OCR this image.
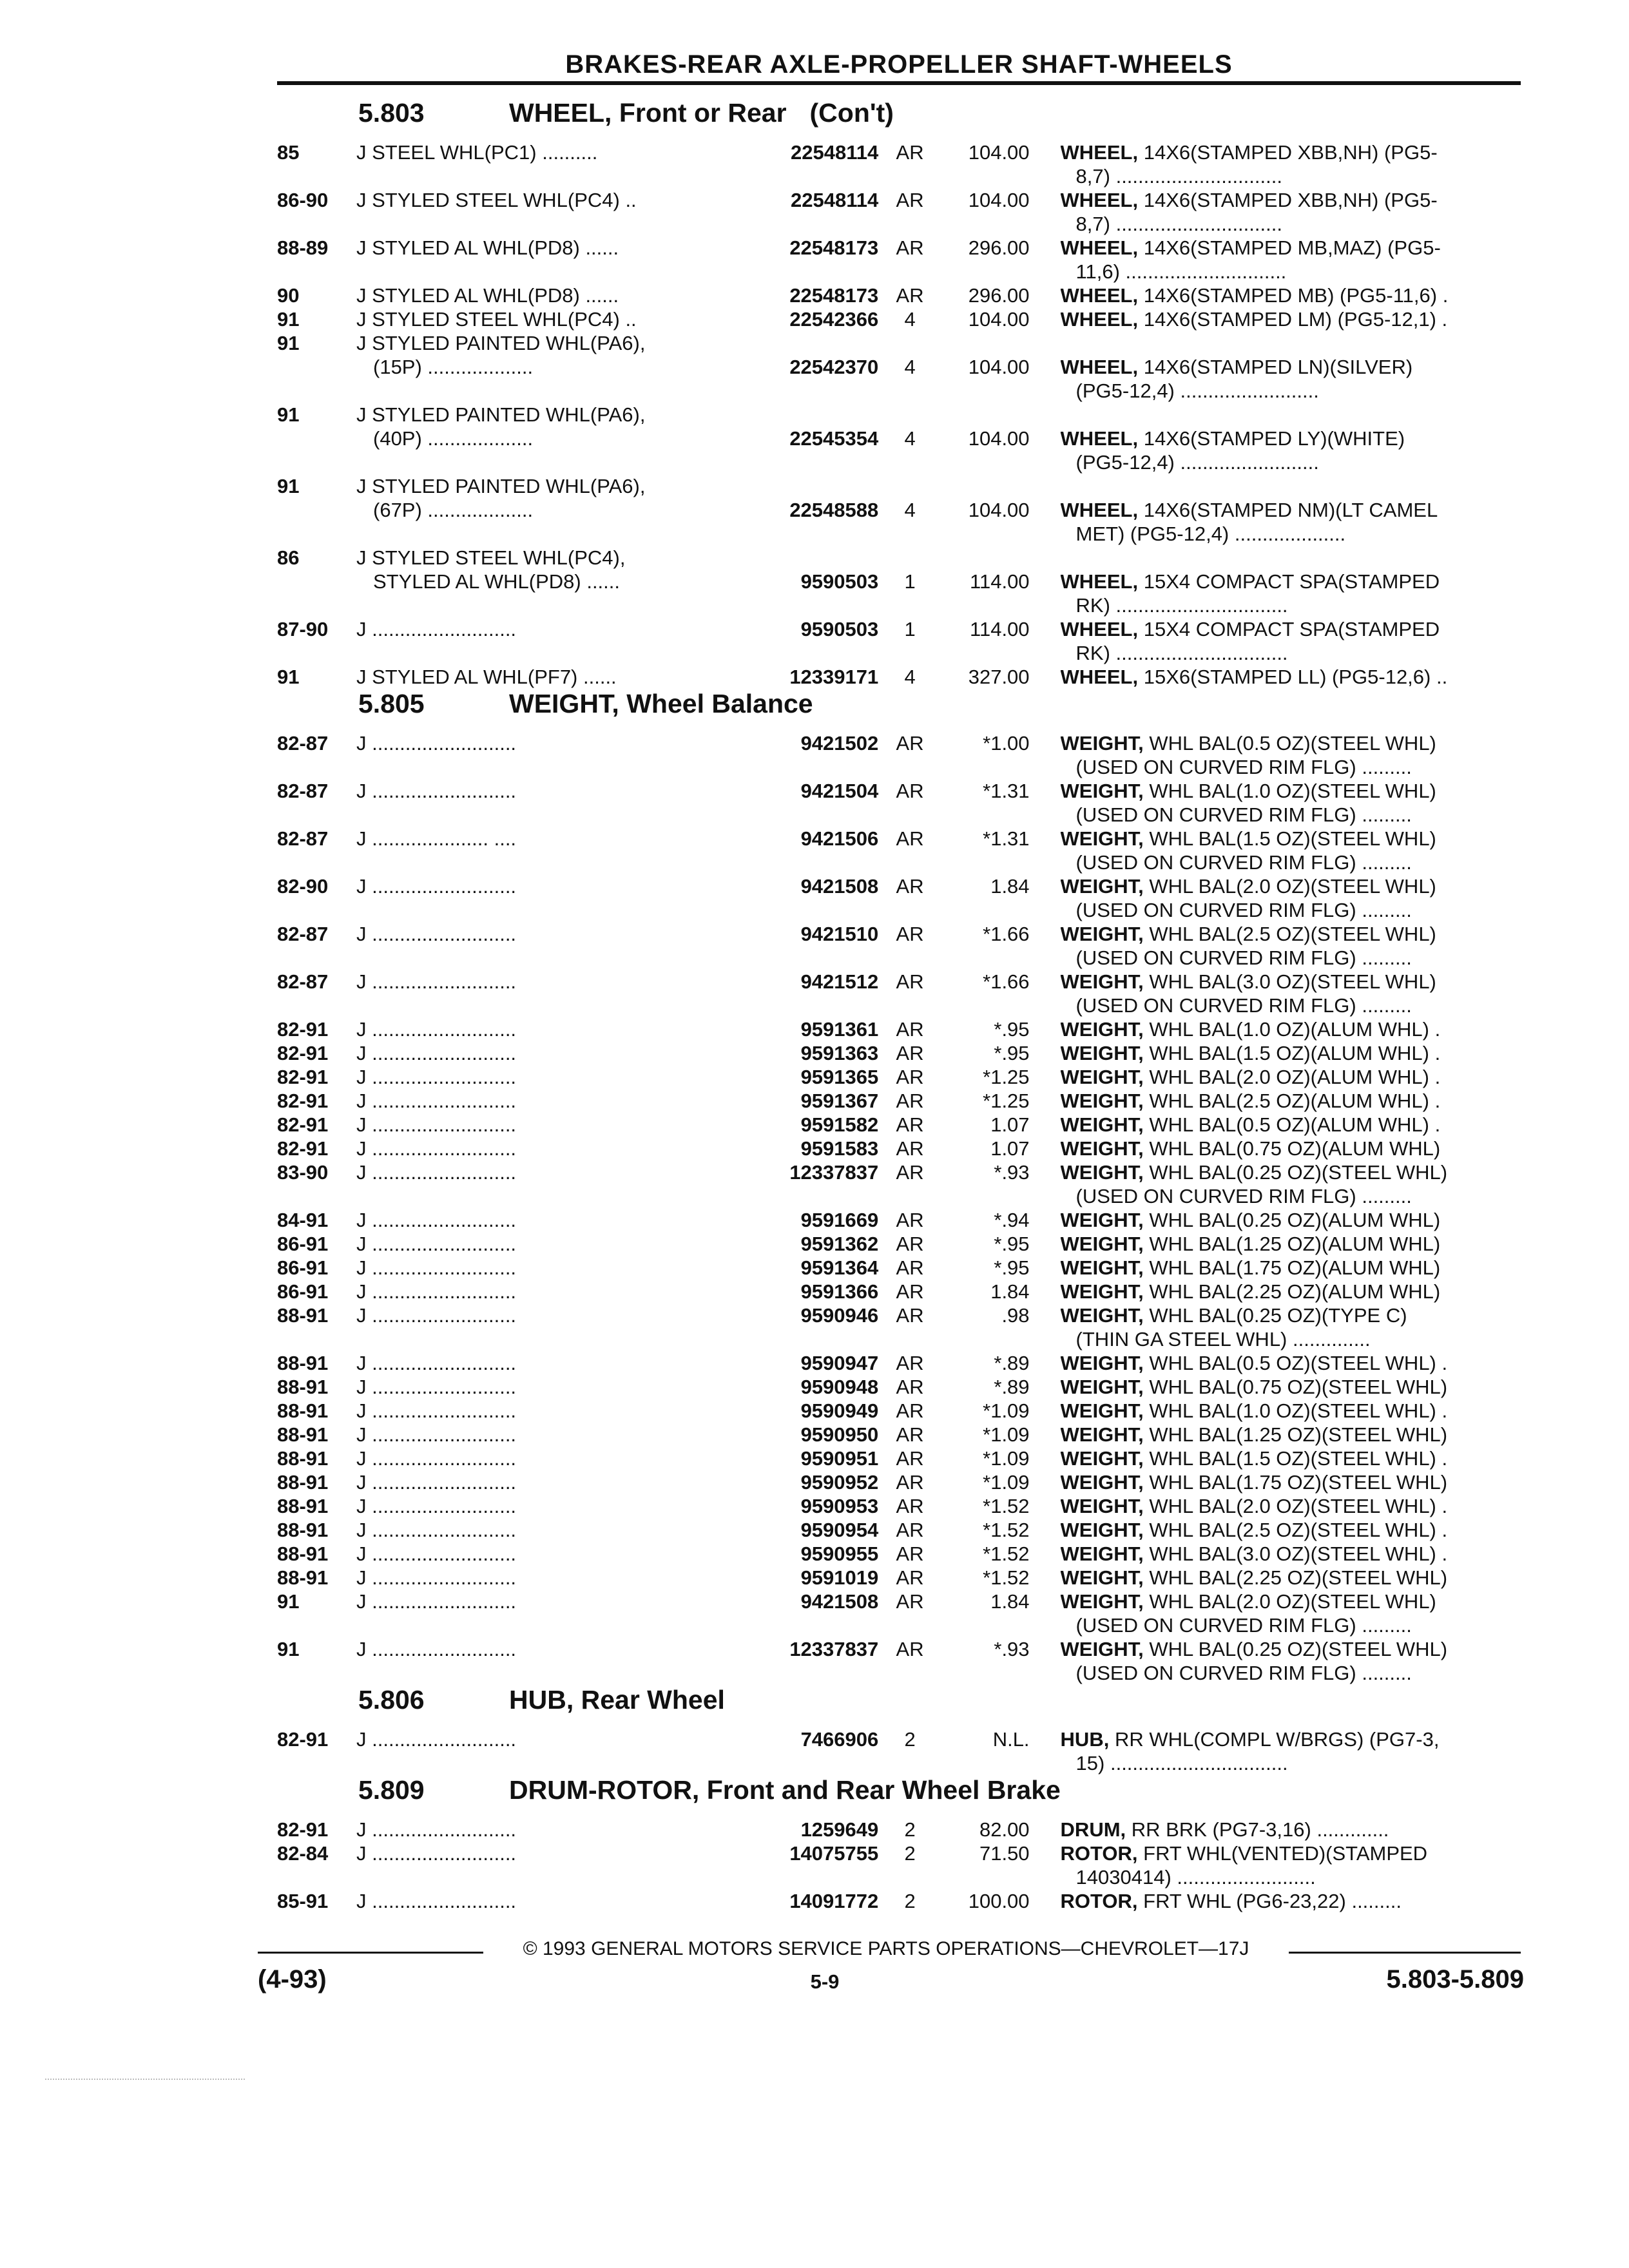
BRAKES-REAR AXLE-PROPELLER SHAFT-WHEELS
5.803	WHEEL, Front or Rear (Con't)
85	J STEEL WHL(PC1) ..........	22548114 AR	104.00 WHEEL, 14X6(STAMPED XBB,NH) (PG5-
8,7) ..............................
86-90	J STYLED STEEL WHL(PC4) ..	22548114 AR	104.00 WHEEL, 14X6(STAMPED XBB,NH) (PG5-
8,7) ..............................
88-89	J STYLED AL WHL(PD8) ......	22548173 AR	296.00 WHEEL, 14X6(STAMPED MB,MAZ) (PG5-
11,6) .............................
90	J STYLED AL WHL(PD8) ......	22548173 AR	296.00 WHEEL, 14X6(STAMPED MB) (PG5-11,6) .
91	J STYLED STEEL WHL(PC4) ..	22542366	4	104.00 WHEEL, 14X6(STAMPED LM) (PG5-12,1) .
91	J STYLED PAINTED WHL(PA6),
(15P) ...................	22542370	4	104.00 WHEEL, 14X6(STAMPED LN)(SILVER)
(PG5-12,4) .........................
91	J STYLED PAINTED WHL(PA6),
(40P) ...................	22545354	4	104.00 WHEEL, 14X6(STAMPED LY)(WHITE)
(PG5-12,4) .........................
91	J STYLED PAINTED WHL(PA6),
(67P) ...................	22548588	4	104.00 WHEEL, 14X6(STAMPED NM)(LT CAMEL
MET) (PG5-12,4) ....................
86	J STYLED STEEL WHL(PC4),
STYLED AL WHL(PD8) ......	9590503	1	114.00 WHEEL, 15X4 COMPACT SPA(STAMPED
RK) ...............................
87-90	J ..........................	9590503	1	114.00 WHEEL, 15X4 COMPACT SPA(STAMPED
RK) ...............................
91	J STYLED AL WHL(PF7) ......	12339171	4	327.00 WHEEL, 15X6(STAMPED LL) (PG5-12,6) ..
5.805	WEIGHT, Wheel Balance
82-87	J ..........................	9421502 AR	*1.00 WEIGHT, WHL BAL(0.5 OZ)(STEEL WHL)
(USED ON CURVED RIM FLG) .........
82-87	J ..........................	9421504 AR	*1.31 WEIGHT, WHL BAL(1.0 OZ)(STEEL WHL)
(USED ON CURVED RIM FLG) .........
82-87	J ..................... ....	9421506 AR	*1.31 WEIGHT, WHL BAL(1.5 OZ)(STEEL WHL)
(USED ON CURVED RIM FLG) .........
82-90	J ..........................	9421508 AR	1.84 WEIGHT, WHL BAL(2.0 OZ)(STEEL WHL)
(USED ON CURVED RIM FLG) .........
82-87	J ..........................	9421510 AR	*1.66 WEIGHT, WHL BAL(2.5 OZ)(STEEL WHL)
(USED ON CURVED RIM FLG) .........
82-87	J ..........................	9421512 AR	*1.66 WEIGHT, WHL BAL(3.0 OZ)(STEEL WHL)
(USED ON CURVED RIM FLG) .........
82-91	J ..........................	9591361 AR	*.95 WEIGHT, WHL BAL(1.0 OZ)(ALUM WHL) .
82-91	J ..........................	9591363 AR	*.95 WEIGHT, WHL BAL(1.5 OZ)(ALUM WHL) .
82-91	J ..........................	9591365 AR	*1.25 WEIGHT, WHL BAL(2.0 OZ)(ALUM WHL) .
82-91	J ..........................	9591367 AR	*1.25 WEIGHT, WHL BAL(2.5 OZ)(ALUM WHL) .
82-91	J ..........................	9591582 AR	1.07 WEIGHT, WHL BAL(0.5 OZ)(ALUM WHL) .
82-91	J ..........................	9591583 AR	1.07 WEIGHT, WHL BAL(0.75 OZ)(ALUM WHL)
83-90	J ..........................	12337837 AR	*.93 WEIGHT, WHL BAL(0.25 OZ)(STEEL WHL)
(USED ON CURVED RIM FLG) .........
84-91	J ..........................	9591669 AR	*.94 WEIGHT, WHL BAL(0.25 OZ)(ALUM WHL)
86-91	J ..........................	9591362 AR	*.95 WEIGHT, WHL BAL(1.25 OZ)(ALUM WHL)
86-91	J ..........................	9591364 AR	*.95 WEIGHT, WHL BAL(1.75 OZ)(ALUM WHL)
86-91	J ..........................	9591366 AR	1.84 WEIGHT, WHL BAL(2.25 OZ)(ALUM WHL)
88-91	J ..........................	9590946 AR	.98 WEIGHT, WHL BAL(0.25 OZ)(TYPE C)
(THIN GA STEEL WHL) ..............
88-91	J ..........................	9590947 AR	*.89 WEIGHT, WHL BAL(0.5 OZ)(STEEL WHL) .
88-91	J ..........................	9590948 AR	*.89 WEIGHT, WHL BAL(0.75 OZ)(STEEL WHL)
88-91	J ..........................	9590949 AR	*1.09 WEIGHT, WHL BAL(1.0 OZ)(STEEL WHL) .
88-91	J ..........................	9590950 AR	*1.09 WEIGHT, WHL BAL(1.25 OZ)(STEEL WHL)
88-91	J ..........................	9590951 AR	*1.09 WEIGHT, WHL BAL(1.5 OZ)(STEEL WHL) .
88-91	J ..........................	9590952 AR	*1.09 WEIGHT, WHL BAL(1.75 OZ)(STEEL WHL)
88-91	J ..........................	9590953 AR	*1.52 WEIGHT, WHL BAL(2.0 OZ)(STEEL WHL) .
88-91	J ..........................	9590954 AR	*1.52 WEIGHT, WHL BAL(2.5 OZ)(STEEL WHL) .
88-91	J ..........................	9590955 AR	*1.52 WEIGHT, WHL BAL(3.0 OZ)(STEEL WHL) .
88-91	J ..........................	9591019 AR	*1.52 WEIGHT, WHL BAL(2.25 OZ)(STEEL WHL)
91	J ..........................	9421508 AR	1.84 WEIGHT, WHL BAL(2.0 OZ)(STEEL WHL)
(USED ON CURVED RIM FLG) .........
91	J ..........................	12337837 AR	*.93 WEIGHT, WHL BAL(0.25 OZ)(STEEL WHL)
(USED ON CURVED RIM FLG) .........
5.806	HUB, Rear Wheel
82-91	J ..........................	7466906	2	N.L. HUB, RR WHL(COMPL W/BRGS) (PG7-3,
15) ................................
5.809	DRUM-ROTOR, Front and Rear Wheel Brake
82-91	J ..........................	1259649	2	82.00 DRUM, RR BRK (PG7-3,16) .............
82-84	J ..........................	14075755	2	71.50 ROTOR, FRT WHL(VENTED)(STAMPED
14030414) .........................
85-91	J ..........................	14091772	2	100.00 ROTOR, FRT WHL (PG6-23,22) .........
© 1993 GENERAL MOTORS SERVICE PARTS OPERATIONS—CHEVROLET—17J
(4-93)	5-9	5.803-5.809
